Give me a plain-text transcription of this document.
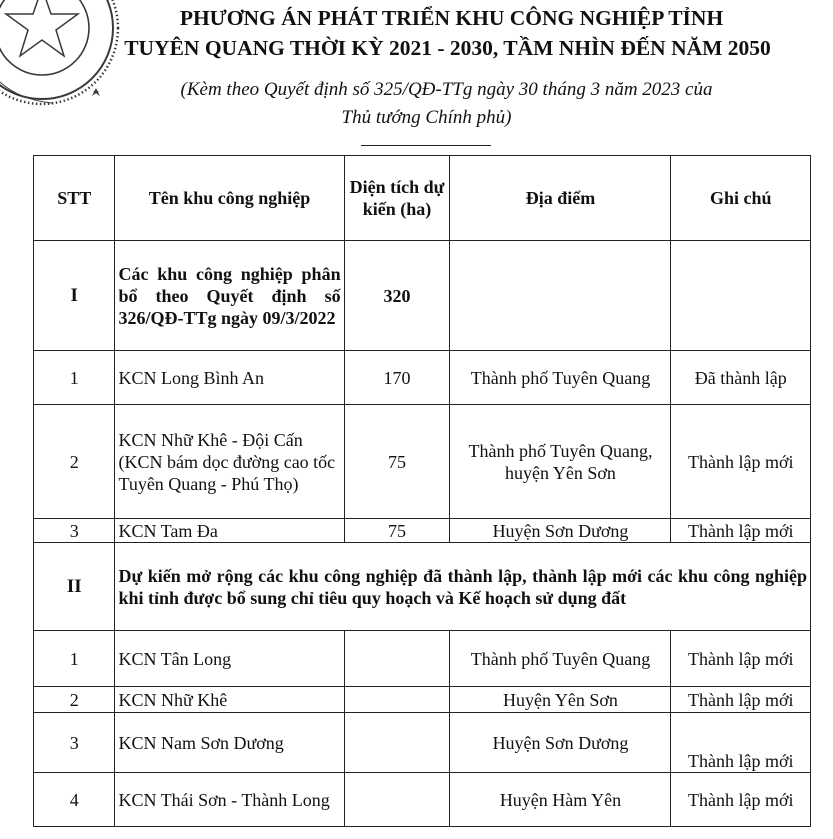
PHƯƠNG ÁN PHÁT TRIỂN KHU CÔNG NGHIỆP TỈNH
TUYÊN QUANG THỜI KỲ 2021 - 2030, TẦM NHÌN ĐẾN NĂM 2050
(Kèm theo Quyết định số 325/QĐ-TTg ngày 30 tháng 3 năm 2023 của
Thủ tướng Chính phủ)
STT	Tên khu công nghiệp	Diện tích dự kiến (ha)	Địa điểm	Ghi chú
I	Các khu công nghiệp phân bổ theo Quyết định số 326/QĐ-TTg ngày 09/3/2022	320		
1	KCN Long Bình An	170	Thành phố Tuyên Quang	Đã thành lập
2	KCN Nhữ Khê - Đội Cấn (KCN bám dọc đường cao tốc Tuyên Quang - Phú Thọ)	75	Thành phố Tuyên Quang, huyện Yên Sơn	Thành lập mới
3	KCN Tam Đa	75	Huyện Sơn Dương	Thành lập mới
II	Dự kiến mở rộng các khu công nghiệp đã thành lập, thành lập mới các khu công nghiệp khi tỉnh được bổ sung chỉ tiêu quy hoạch và Kế hoạch sử dụng đất			
1	KCN Tân Long		Thành phố Tuyên Quang	Thành lập mới
2	KCN Nhữ Khê		Huyện Yên Sơn	Thành lập mới
3	KCN Nam Sơn Dương		Huyện Sơn Dương	Thành lập mới
4	KCN Thái Sơn - Thành Long		Huyện Hàm Yên	Thành lập mới
